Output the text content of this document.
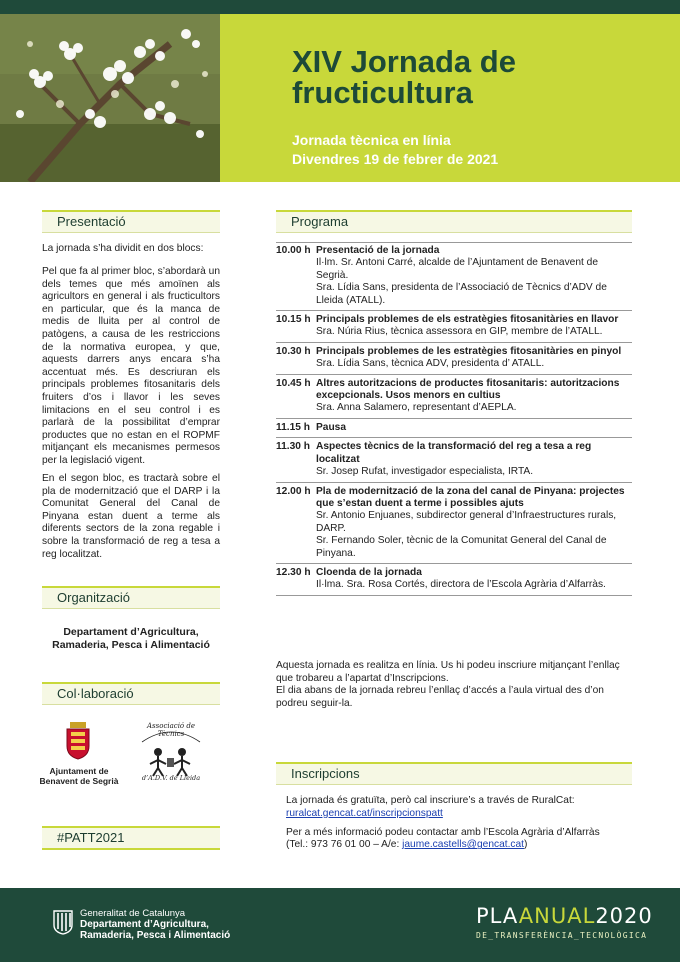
XIV Jornada de
fructicultura
Jornada tècnica en línia
Divendres 19 de febrer de 2021
Presentació
La jornada s’ha dividit en dos blocs:
Pel que fa al primer bloc, s’abordarà un dels temes que més amoïnen als agricultors en general i als fructicultors en particular, que és la manca de medis de lluita per al control de patògens, a causa de les restriccions de la normativa europea, y que, aquests darrers anys encara s’ha accentuat més. Es descriuran els principals problemes fitosanitaris dels fruiters d’os i llavor i les seves limitacions en el seu control i es parlarà de la possibilitat d’emprar productes que no estan en el ROPMF mitjançant els mecanismes permesos per la legislació vigent.
En el segon bloc, es tractarà sobre el pla de modernització que el DARP i la Comunitat General del Canal de Pinyana estan duent a terme als diferents sectors de la zona regable i sobre la transformació de reg a tesa a reg localitzat.
Organització
Departament d’Agricultura,
Ramaderia, Pesca i Alimentació
Col·laboració
Ajuntament de
Benavent de Segrià
Associació de Tècnics
d’A.D.V. de Lleida
#PATT2021
Programa
10.00 h Presentació de la jornada
Il·lm. Sr. Antoni Carré, alcalde de l’Ajuntament de Benavent de Segrià.
Sra. Lídia Sans, presidenta de l’Associació de Tècnics d’ADV de Lleida (ATALL).
10.15 h Principals problemes de els estratègies fitosanitàries en llavor
Sra. Núria Rius, tècnica assessora en GIP, membre de l’ATALL.
10.30 h Principals problemes de les estratègies fitosanitàries en pinyol
Sra. Lídia Sans, tècnica ADV, presidenta d’ ATALL.
10.45 h Altres autoritzacions de productes fitosanitaris: autoritzacions excepcionals. Usos menors en cultius
Sra. Anna Salamero, representant d’AEPLA.
11.15 h Pausa
11.30 h Aspectes tècnics de la transformació del reg a tesa a reg localitzat
Sr. Josep Rufat, investigador especialista, IRTA.
12.00 h Pla de modernització de la zona del canal de Pinyana: projectes que s’estan duent a terme i possibles ajuts
Sr. Antonio Enjuanes, subdirector general d’Infraestructures rurals, DARP.
Sr. Fernando Soler, tècnic de la Comunitat General del Canal de Pinyana.
12.30 h Cloenda de la jornada
Il·lma. Sra. Rosa Cortés, directora de l’Escola Agrària d’Alfarràs.
Aquesta jornada es realitza en línia. Us hi podeu inscriure mitjançant l’enllaç que trobareu a l’apartat d’Inscripcions.
El dia abans de la jornada rebreu l’enllaç d’accés a l’aula virtual des d’on podreu seguir-la.
Inscripcions
La jornada és gratuïta, però cal inscriure’s a través de RuralCat:
ruralcat.gencat.cat/inscripcionspatt
Per a més informació podeu contactar amb l’Escola Agrària d’Alfarràs
(Tel.: 973 76 01 00 – A/e: jaume.castells@gencat.cat)
Generalitat de Catalunya
Departament d’Agricultura,
Ramaderia, Pesca i Alimentació
PLAANUAL2020
DE_TRANSFERÈNCIA_TECNOLÒGICA
